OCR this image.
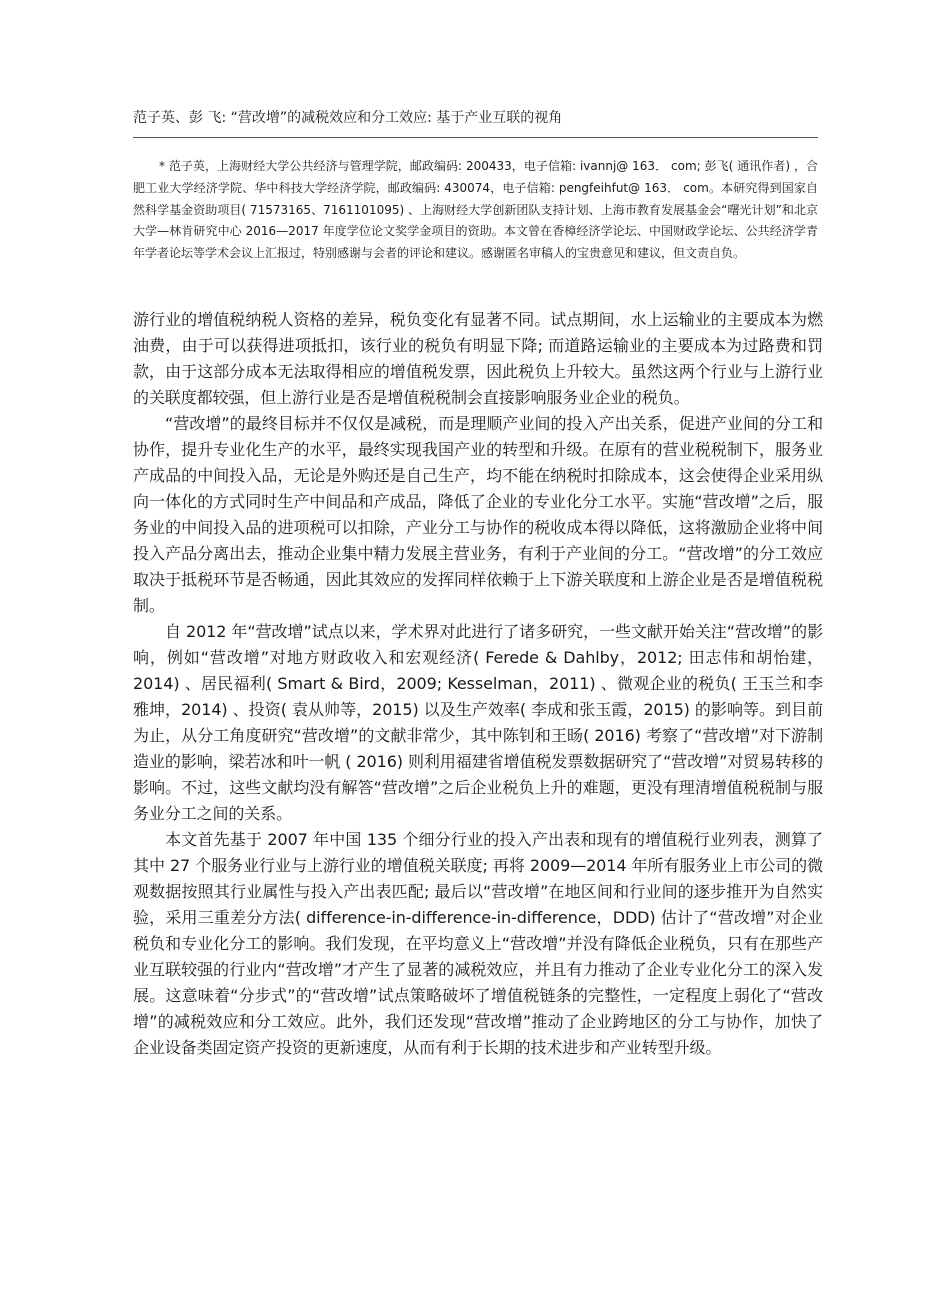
范子英、彭 飞: “营改增”的减税效应和分工效应: 基于产业互联的视角

* 范子英，上海财经大学公共经济与管理学院，邮政编码: 200433，电子信箱: ivannj@ 163． com; 彭飞( 通讯作者) ，合肥工业大学经济学院、华中科技大学经济学院，邮政编码: 430074，电子信箱: pengfeihfut@ 163． com。本研究得到国家自然科学基金资助项目( 71573165、7161101095) 、上海财经大学创新团队支持计划、上海市教育发展基金会“曙光计划”和北京大学—林肯研究中心 2016—2017 年度学位论文奖学金项目的资助。本文曾在香樟经济学论坛、中国财政学论坛、公共经济学青年学者论坛等学术会议上汇报过，特别感谢与会者的评论和建议。感谢匿名审稿人的宝贵意见和建议，但文责自负。

游行业的增值税纳税人资格的差异，税负变化有显著不同。试点期间，水上运输业的主要成本为燃油费，由于可以获得进项抵扣，该行业的税负有明显下降; 而道路运输业的主要成本为过路费和罚款，由于这部分成本无法取得相应的增值税发票，因此税负上升较大。虽然这两个行业与上游行业的关联度都较强，但上游行业是否是增值税税制会直接影响服务业企业的税负。

“营改增”的最终目标并不仅仅是减税，而是理顺产业间的投入产出关系，促进产业间的分工和协作，提升专业化生产的水平，最终实现我国产业的转型和升级。在原有的营业税税制下，服务业产成品的中间投入品，无论是外购还是自己生产，均不能在纳税时扣除成本，这会使得企业采用纵向一体化的方式同时生产中间品和产成品，降低了企业的专业化分工水平。实施“营改增”之后，服务业的中间投入品的进项税可以扣除，产业分工与协作的税收成本得以降低，这将激励企业将中间投入产品分离出去，推动企业集中精力发展主营业务，有利于产业间的分工。“营改增”的分工效应取决于抵税环节是否畅通，因此其效应的发挥同样依赖于上下游关联度和上游企业是否是增值税税制。

自 2012 年“营改增”试点以来，学术界对此进行了诸多研究，一些文献开始关注“营改增”的影响，例如“营改增”对地方财政收入和宏观经济( Ferede & Dahlby，2012; 田志伟和胡怡建，2014) 、居民福利( Smart & Bird，2009; Kesselman，2011) 、微观企业的税负( 王玉兰和李雅坤，2014) 、投资( 袁从帅等，2015) 以及生产效率( 李成和张玉霞，2015) 的影响等。到目前为止，从分工角度研究“营改增”的文献非常少，其中陈钊和王旸( 2016) 考察了“营改增”对下游制造业的影响，梁若冰和叶一帆 ( 2016) 则利用福建省增值税发票数据研究了“营改增”对贸易转移的影响。不过，这些文献均没有解答“营改增”之后企业税负上升的难题，更没有理清增值税税制与服务业分工之间的关系。

本文首先基于 2007 年中国 135 个细分行业的投入产出表和现有的增值税行业列表，测算了其中 27 个服务业行业与上游行业的增值税关联度; 再将 2009—2014 年所有服务业上市公司的微观数据按照其行业属性与投入产出表匹配; 最后以“营改增”在地区间和行业间的逐步推开为自然实验，采用三重差分方法( difference-in-difference-in-difference，DDD) 估计了“营改增”对企业税负和专业化分工的影响。我们发现，在平均意义上“营改增”并没有降低企业税负，只有在那些产业互联较强的行业内“营改增”才产生了显著的减税效应，并且有力推动了企业专业化分工的深入发展。这意味着“分步式”的“营改增”试点策略破坏了增值税链条的完整性，一定程度上弱化了“营改增”的减税效应和分工效应。此外，我们还发现“营改增”推动了企业跨地区的分工与协作，加快了企业设备类固定资产投资的更新速度，从而有利于长期的技术进步和产业转型升级。
